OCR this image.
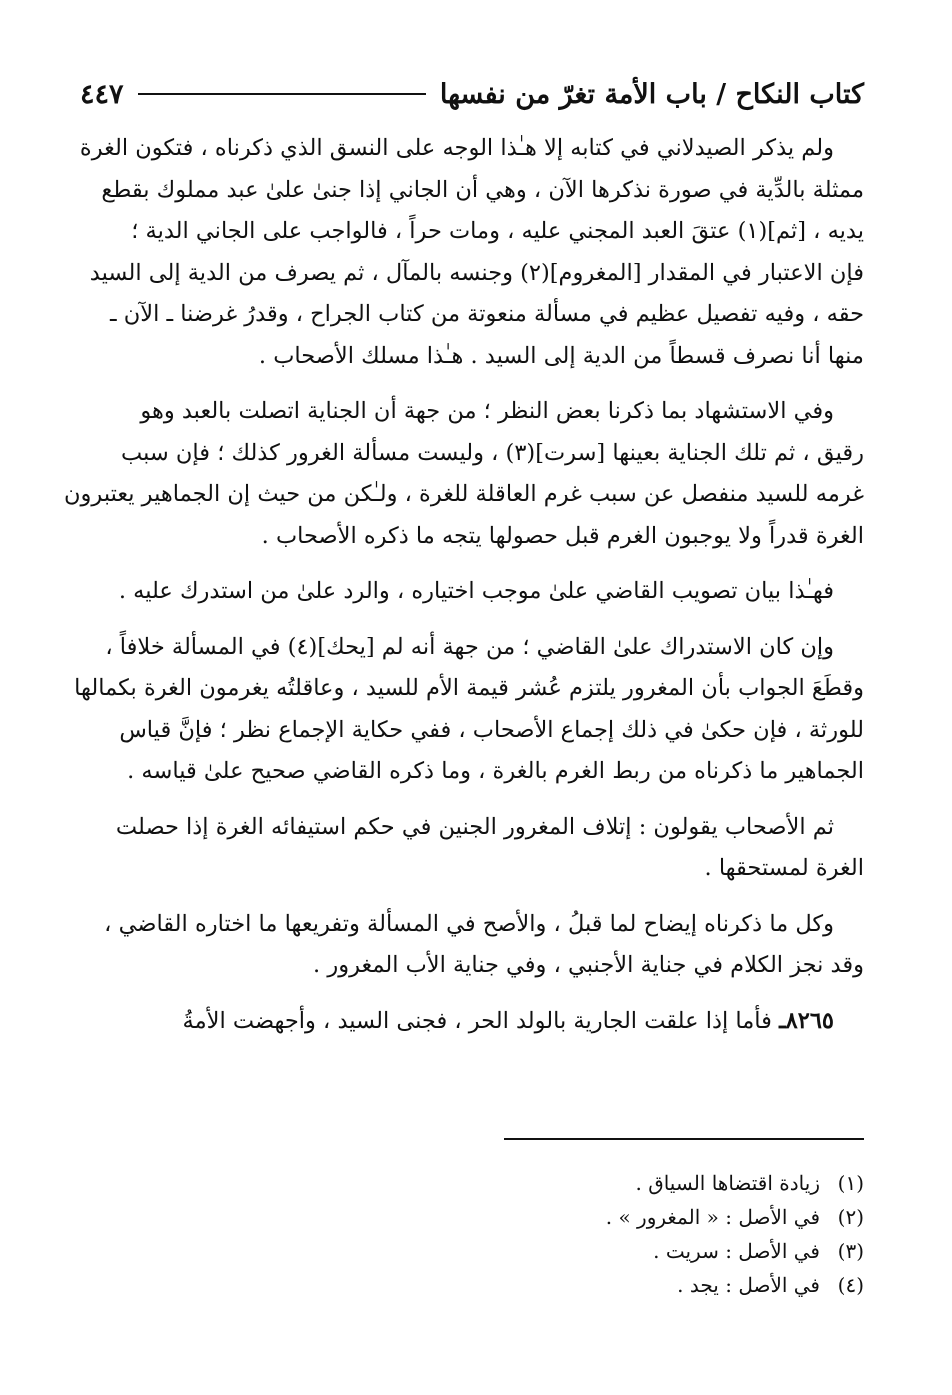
كتاب النكاح / باب الأمة تغرّ من نفسها
٤٤٧

ولم يذكر الصيدلاني في كتابه إلا هـٰذا الوجه على النسق الذي ذكرناه ، فتكون الغرة
ممثلة بالدِّية في صورة نذكرها الآن ، وهي أن الجاني إذا جنىٰ علىٰ عبد مملوك بقطع
يديه ، [ثم](١) عتقَ العبد المجني عليه ، ومات حراً ، فالواجب على الجاني الدية ؛
فإن الاعتبار في المقدار [المغروم](٢) وجنسه بالمآل ، ثم يصرف من الدية إلى السيد
حقه ، وفيه تفصيل عظيم في مسألة منعوتة من كتاب الجراح ، وقدرُ غرضنا ـ الآن ـ
منها أنا نصرف قسطاً من الدية إلى السيد . هـٰذا مسلك الأصحاب .

وفي الاستشهاد بما ذكرنا بعض النظر ؛ من جهة أن الجناية اتصلت بالعبد وهو
رقيق ، ثم تلك الجناية بعينها [سرت](٣) ، وليست مسألة الغرور كذلك ؛ فإن سبب
غرمه للسيد منفصل عن سبب غرم العاقلة للغرة ، ولـٰكن من حيث إن الجماهير يعتبرون
الغرة قدراً ولا يوجبون الغرم قبل حصولها يتجه ما ذكره الأصحاب .

فهـٰذا بيان تصويب القاضي علىٰ موجب اختياره ، والرد علىٰ من استدرك عليه .

وإن كان الاستدراك علىٰ القاضي ؛ من جهة أنه لم [يحك](٤) في المسألة خلافاً ،
وقطَعَ الجواب بأن المغرور يلتزم عُشر قيمة الأم للسيد ، وعاقلتُه يغرمون الغرة بكمالها
للورثة ، فإن حكىٰ في ذلك إجماع الأصحاب ، ففي حكاية الإجماع نظر ؛ فإنَّ قياس
الجماهير ما ذكرناه من ربط الغرم بالغرة ، وما ذكره القاضي صحيح علىٰ قياسه .

ثم الأصحاب يقولون : إتلاف المغرور الجنين في حكم استيفائه الغرة إذا حصلت
الغرة لمستحقها .

وكل ما ذكرناه إيضاح لما قبلُ ، والأصح في المسألة وتفريعها ما اختاره القاضي ،
وقد نجز الكلام في جناية الأجنبي ، وفي جناية الأب المغرور .

٨٢٦٥ـ فأما إذا علقت الجارية بالولد الحر ، فجنى السيد ، وأجهضت الأمةُ

(١)زيادة اقتضاها السياق .
(٢)في الأصل : « المغرور » .
(٣)في الأصل : سريت .
(٤)في الأصل : يجد .
